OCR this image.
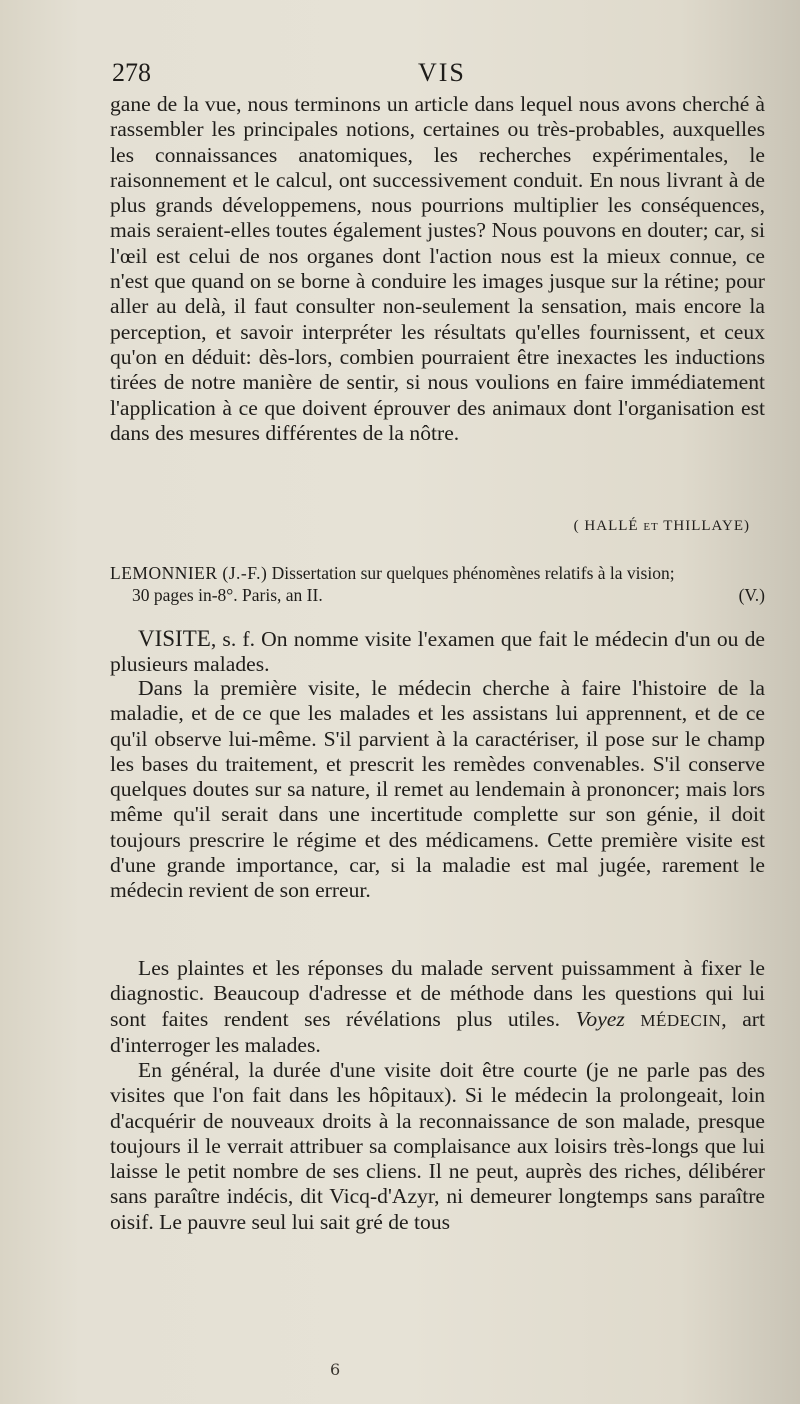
278	VIS

gane de la vue, nous terminons un article dans lequel nous avons cherché à rassembler les principales notions, certaines ou très-probables, auxquelles les connaissances anatomiques, les recherches expérimentales, le raisonnement et le calcul, ont successivement conduit. En nous livrant à de plus grands développemens, nous pourrions multiplier les conséquences, mais seraient-elles toutes également justes? Nous pouvons en douter; car, si l'œil est celui de nos organes dont l'action nous est la mieux connue, ce n'est que quand on se borne à conduire les images jusque sur la rétine; pour aller au delà, il faut consulter non-seulement la sensation, mais encore la perception, et savoir interpréter les résultats qu'elles fournissent, et ceux qu'on en déduit: dès-lors, combien pourraient être inexactes les inductions tirées de notre manière de sentir, si nous voulions en faire immédiatement l'application à ce que doivent éprouver des animaux dont l'organisation est dans des mesures différentes de la nôtre.

( HALLÉ et THILLAYE)
LEMONNIER (J.-F.) Dissertation sur quelques phénomènes relatifs à la vision;
30 pages in-8°. Paris, an II.	(V.)

VISITE, s. f. On nomme visite l'examen que fait le médecin d'un ou de plusieurs malades.

Dans la première visite, le médecin cherche à faire l'histoire de la maladie, et de ce que les malades et les assistans lui apprennent, et de ce qu'il observe lui-même. S'il parvient à la caractériser, il pose sur le champ les bases du traitement, et prescrit les remèdes convenables. S'il conserve quelques doutes sur sa nature, il remet au lendemain à prononcer; mais lors même qu'il serait dans une incertitude complette sur son génie, il doit toujours prescrire le régime et des médicamens. Cette première visite est d'une grande importance, car, si la maladie est mal jugée, rarement le médecin revient de son erreur.

Les plaintes et les réponses du malade servent puissamment à fixer le diagnostic. Beaucoup d'adresse et de méthode dans les questions qui lui sont faites rendent ses révélations plus utiles. Voyez MÉDECIN, art d'interroger les malades.

En général, la durée d'une visite doit être courte (je ne parle pas des visites que l'on fait dans les hôpitaux). Si le médecin la prolongeait, loin d'acquérir de nouveaux droits à la reconnaissance de son malade, presque toujours il le verrait attribuer sa complaisance aux loisirs très-longs que lui laisse le petit nombre de ses cliens. Il ne peut, auprès des riches, délibérer sans paraître indécis, dit Vicq-d'Azyr, ni demeurer longtemps sans paraître oisif. Le pauvre seul lui sait gré de tous

6
